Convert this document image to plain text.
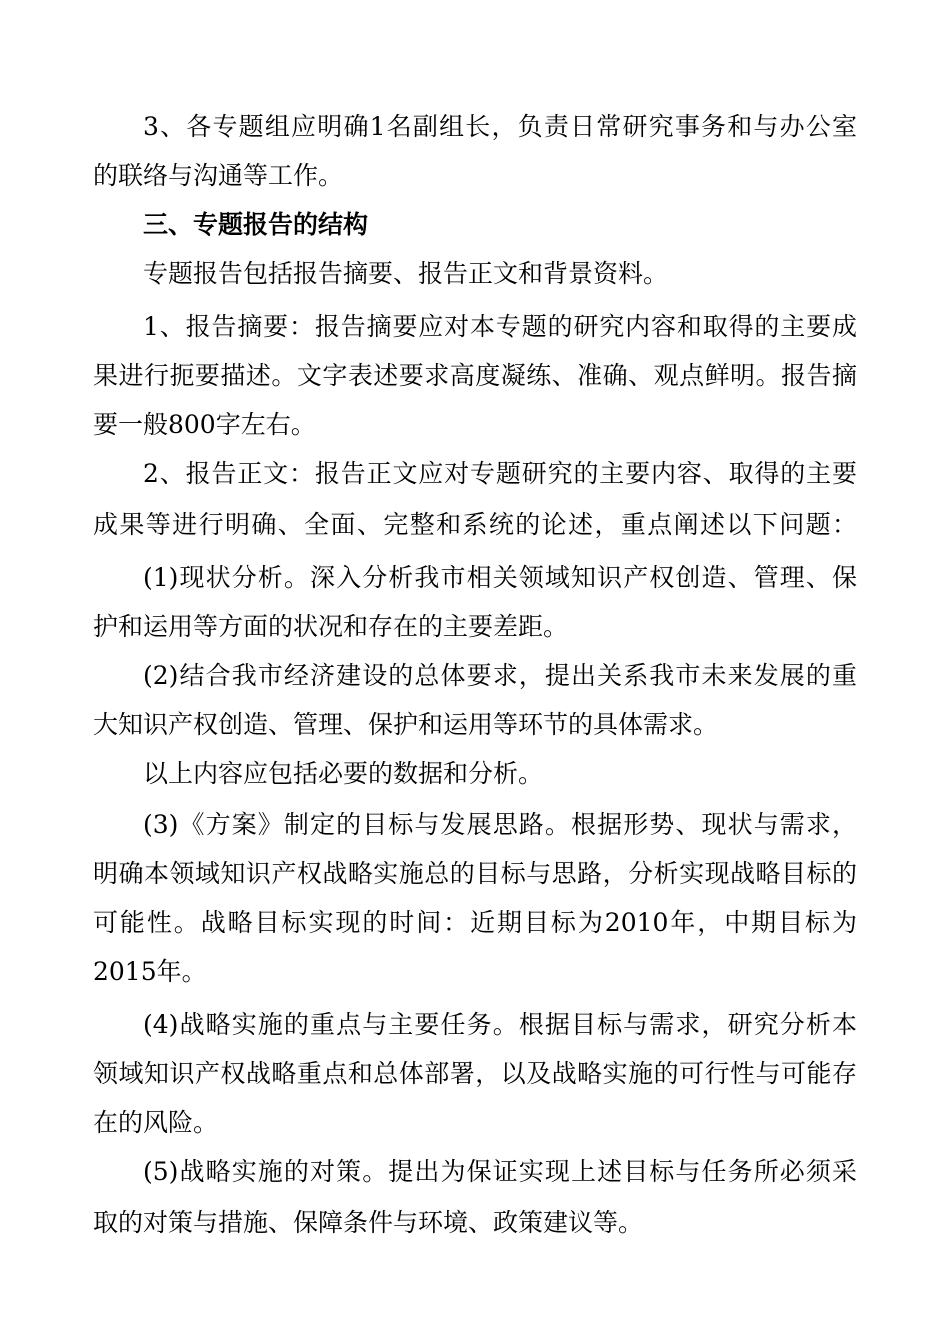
3、各专题组应明确1名副组长，负责日常研究事务和与办公室
的联络与沟通等工作。
三、专题报告的结构
专题报告包括报告摘要、报告正文和背景资料。
1、报告摘要：报告摘要应对本专题的研究内容和取得的主要成
果进行扼要描述。文字表述要求高度凝练、准确、观点鲜明。报告摘
要一般800字左右。
2、报告正文：报告正文应对专题研究的主要内容、取得的主要
成果等进行明确、全面、完整和系统的论述，重点阐述以下问题：
(1)现状分析。深入分析我市相关领域知识产权创造、管理、保
护和运用等方面的状况和存在的主要差距。
(2)结合我市经济建设的总体要求，提出关系我市未来发展的重
大知识产权创造、管理、保护和运用等环节的具体需求。
以上内容应包括必要的数据和分析。
(3)《方案》制定的目标与发展思路。根据形势、现状与需求，
明确本领域知识产权战略实施总的目标与思路，分析实现战略目标的
可能性。战略目标实现的时间：近期目标为2010年，中期目标为
2015年。
(4)战略实施的重点与主要任务。根据目标与需求，研究分析本
领域知识产权战略重点和总体部署，以及战略实施的可行性与可能存
在的风险。
(5)战略实施的对策。提出为保证实现上述目标与任务所必须采
取的对策与措施、保障条件与环境、政策建议等。
